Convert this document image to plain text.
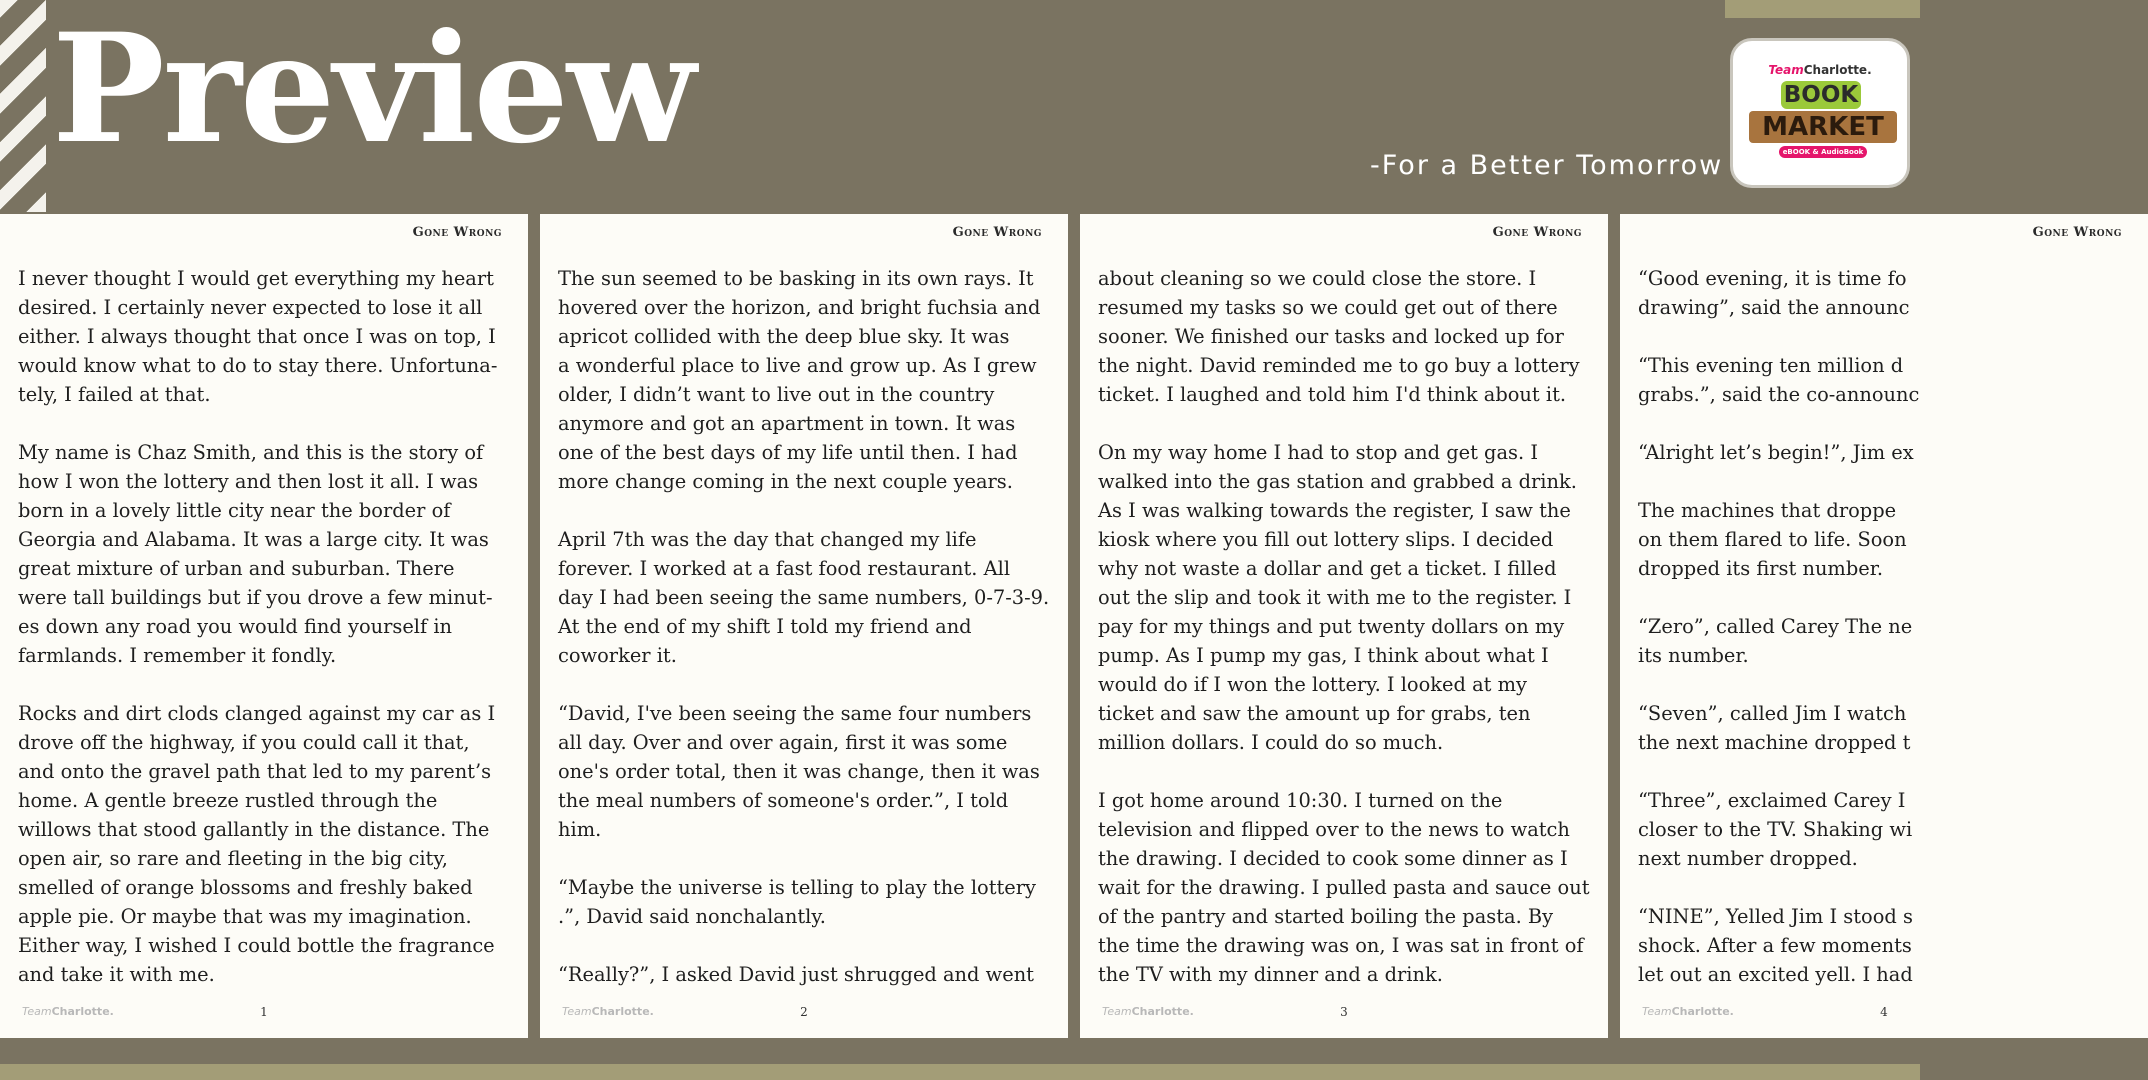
Preview	-For a Better Tomorrow
TeamCharlotte.
BOOK
MARKET
eBOOK & AudioBook
Gone Wrong

I never thought I would get everything my heart
desired. I certainly never expected to lose it all
either. I always thought that once I was on top, I
would know what to do to stay there. Unfortuna-
tely, I failed at that.

My name is Chaz Smith, and this is the story of
how I won the lottery and then lost it all. I was
born in a lovely little city near the border of
Georgia and Alabama. It was a large city. It was
great mixture of urban and suburban. There
were tall buildings but if you drove a few minut-
es down any road you would find yourself in
farmlands. I remember it fondly.

Rocks and dirt clods clanged against my car as I
drove off the highway, if you could call it that,
and onto the gravel path that led to my parent’s
home. A gentle breeze rustled through the
willows that stood gallantly in the distance. The
open air, so rare and fleeting in the big city,
smelled of orange blossoms and freshly baked
apple pie. Or maybe that was my imagination.
Either way, I wished I could bottle the fragrance
and take it with me.

TeamCharlotte.	1
Gone Wrong

The sun seemed to be basking in its own rays. It
hovered over the horizon, and bright fuchsia and
apricot collided with the deep blue sky. It was
a wonderful place to live and grow up. As I grew
older, I didn’t want to live out in the country
anymore and got an apartment in town. It was
one of the best days of my life until then. I had
more change coming in the next couple years.

April 7th was the day that changed my life
forever. I worked at a fast food restaurant. All
day I had been seeing the same numbers, 0-7-3-9.
At the end of my shift I told my friend and
coworker it.

“David, I've been seeing the same four numbers
all day. Over and over again, first it was some
one's order total, then it was change, then it was
the meal numbers of someone's order.”, I told
him.

“Maybe the universe is telling to play the lottery
.”, David said nonchalantly.

“Really?”, I asked David just shrugged and went

TeamCharlotte.	2
Gone Wrong

about cleaning so we could close the store. I
resumed my tasks so we could get out of there
sooner. We finished our tasks and locked up for
the night. David reminded me to go buy a lottery
ticket. I laughed and told him I'd think about it.

On my way home I had to stop and get gas. I
walked into the gas station and grabbed a drink.
As I was walking towards the register, I saw the
kiosk where you fill out lottery slips. I decided
why not waste a dollar and get a ticket. I filled
out the slip and took it with me to the register. I
pay for my things and put twenty dollars on my
pump. As I pump my gas, I think about what I
would do if I won the lottery. I looked at my
ticket and saw the amount up for grabs, ten
million dollars. I could do so much.

I got home around 10:30. I turned on the
television and flipped over to the news to watch
the drawing. I decided to cook some dinner as I
wait for the drawing. I pulled pasta and sauce out
of the pantry and started boiling the pasta. By
the time the drawing was on, I was sat in front of
the TV with my dinner and a drink.

TeamCharlotte.	3
Gone Wrong

“Good evening, it is time fo
drawing”, said the announc

“This evening ten million d
grabs.”, said the co-announc

“Alright let’s begin!”, Jim ex

The machines that droppe
on them flared to life. Soon
dropped its first number.

“Zero”, called Carey The ne
its number.

“Seven”, called Jim I watch
the next machine dropped t

“Three”, exclaimed Carey I
closer to the TV. Shaking wi
next number dropped.

“NINE”, Yelled Jim I stood s
shock. After a few moments
let out an excited yell. I had

TeamCharlotte.	4
